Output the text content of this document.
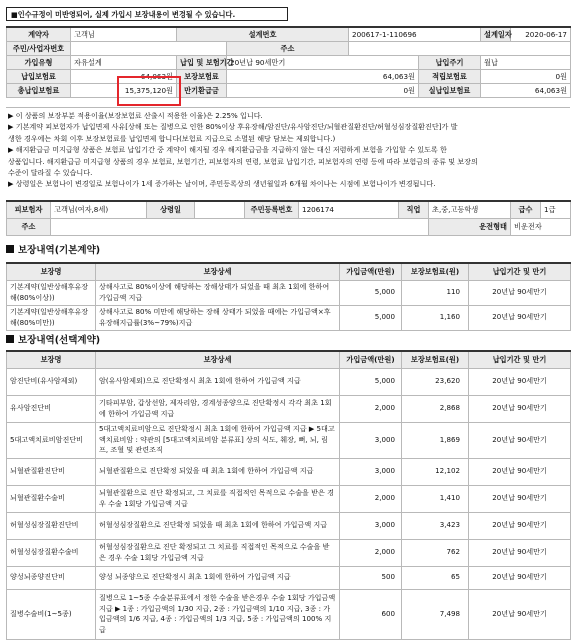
■인수규정이 미반영되어, 실제 가입시 보장내용이 변경될 수 있습니다.
계약자	고객님	설계번호		200617-1-110696		설계일자	2020-06-17
주민/사업자번호			주소				
가입유형	자유설계	납입 및 보험기간	20년납 90세만기		납입주기	월납	
납입보험료	64,063원	보장보험료	64,063원		적립보험료	0원	
총납입보험료	15,375,120원	만기환급금	0원		실납입보험료	64,063원	

▶ 이 상품의 보장부분 적용이율(보장보험료 산출시 적용한 이율)은 2.25% 입니다.

▶ 기본계약 피보험자가 납입면제 사유[상해 또는 질병으로 인한 80%이상 후유장해/암진단/유사암진단/뇌혈관질환진단/허혈성심장질환진단]가 발

생한 경우에는 차회 이후 보장보험료를 납입면제 합니다(보험료 지급으로 소멸된 해당 담보는 제외합니다.)

▶ 해지환급금 미지급형 상품은 보험료 납입기간 중 계약이 해지될 경우 해지환급금을 지급하지 않는 대신 저렴하게 보험을 가입할 수 있도록 한

상품입니다. 해지환급금 미지급형 상품의 경우 보험료, 보험기간, 피보험자의 연령, 보험료 납입기간, 피보험자의 연령 등에 따라 보험금의 종류 및 보장의

수준이 달라질 수 있습니다.

▶ 상령일은 보험나이 변경일로 보험나이가 1세 증가하는 날이며, 주민등록상의 생년월일과 6개월 차이나는 시점에 보험나이가 변경됩니다.

피보험자	고객님(여자,8세)	상령일		주민등록번호	1206174	직업	초,중,고등학생	급수	1급
주소							운전형태	비운전자	
보장내역(기본계약)
보장명	보장상세	가입금액(만원)	보장보험료(원)	납입기간 및 만기
기본계약(일반상해후유장해(80%이상))	상해사고로 80%이상에 해당하는 장해상태가 되었을 때 최초 1회에 한하여 가입금액 지급	5,000	110	20년납 90세만기
기본계약(일반상해후유장해(80%미만))	상해사고로 80% 미만에 해당하는 장해 상태가 되었을 때에는 가입금액×후유장해지급률(3%~79%)지급	5,000	1,160	20년납 90세만기
보장내역(선택계약)
보장명	보장상세	가입금액(만원)	보장보험료(원)	납입기간 및 만기
암진단비(유사암제외)	암(유사암제외)으로 진단확정시 최초 1회에 한하여 가입금액 지급	5,000	23,620	20년납 90세만기
유사암진단비	기타피부암, 갑상선암, 제자리암, 경계성종양으로 진단확정시 각각 최초 1회에 한하여 가입금액 지급	2,000	2,868	20년납 90세만기
5대고액치료비암진단비	5대고액치료비암으로 진단확정시 최초 1회에 한하여 가입금액 지급 ▶ 5대고액치료비암 : 약관의 [5대고액치료비암 분류표] 상의 식도, 췌장, 뼈, 뇌, 림프, 조혈 및 관련조직	3,000	1,869	20년납 90세만기
뇌혈관질환진단비	뇌혈관질환으로 진단확정 되었을 때 최초 1회에 한하여 가입금액 지급	3,000	12,102	20년납 90세만기
뇌혈관질환수술비	뇌혈관질환으로 진단 확정되고, 그 치료를 직접적인 목적으로 수술을 받은 경우 수술 1회당 가입금액 지급	2,000	1,410	20년납 90세만기
허혈성심장질환진단비	허혈성심장질환으로 진단확정 되었을 때 최초 1회에 한하여 가입금액 지급	3,000	3,423	20년납 90세만기
허혈성심장질환수술비	허혈성심장질환으로 진단 확정되고 그 치료를 직접적인 목적으로 수술을 받은 경우 수술 1회당 가입금액 지급	2,000	762	20년납 90세만기
양성뇌종양진단비	양성 뇌종양으로 진단확정시 최초 1회에 한하여 가입금액 지급	500	65	20년납 90세만기
질병수술비(1~5종)	질병으로 1~5종 수술분류표에서 정한 수술을 받은경우 수술 1회당 가입금액 지급 ▶ 1종 : 가입금액의 1/30 지급, 2종 : 가입금액의 1/10 지급, 3종 : 가입금액의 1/6 지급, 4종 : 가입금액의 1/3 지급, 5종 : 가입금액의 100% 지급	600	7,498	20년납 90세만기
